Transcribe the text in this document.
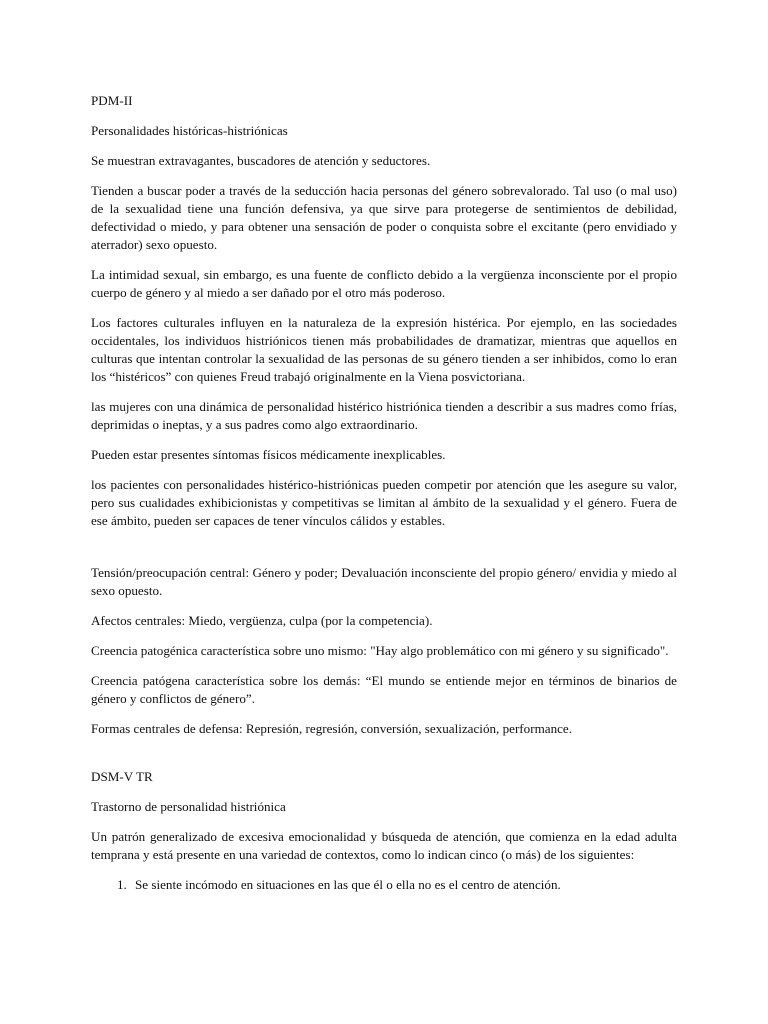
PDM-II

Personalidades históricas-histriónicas

Se muestran extravagantes, buscadores de atención y seductores.

Tienden a buscar poder a través de la seducción hacia personas del género sobrevalorado. Tal uso (o mal uso) de la sexualidad tiene una función defensiva, ya que sirve para protegerse de sentimientos de debilidad, defectividad o miedo, y para obtener una sensación de poder o conquista sobre el excitante (pero envidiado y aterrador) sexo opuesto.

La intimidad sexual, sin embargo, es una fuente de conflicto debido a la vergüenza inconsciente por el propio cuerpo de género y al miedo a ser dañado por el otro más poderoso.

Los factores culturales influyen en la naturaleza de la expresión histérica. Por ejemplo, en las sociedades occidentales, los individuos histriónicos tienen más probabilidades de dramatizar, mientras que aquellos en culturas que intentan controlar la sexualidad de las personas de su género tienden a ser inhibidos, como lo eran los “histéricos” con quienes Freud trabajó originalmente en la Viena posvictoriana.

las mujeres con una dinámica de personalidad histérico histriónica tienden a describir a sus madres como frías, deprimidas o ineptas, y a sus padres como algo extraordinario.

Pueden estar presentes síntomas físicos médicamente inexplicables.

los pacientes con personalidades histérico-histriónicas pueden competir por atención que les asegure su valor, pero sus cualidades exhibicionistas y competitivas se limitan al ámbito de la sexualidad y el género. Fuera de ese ámbito, pueden ser capaces de tener vínculos cálidos y estables.

Tensión/preocupación central: Género y poder; Devaluación inconsciente del propio género/ envidia y miedo al sexo opuesto.

Afectos centrales: Miedo, vergüenza, culpa (por la competencia).

Creencia patogénica característica sobre uno mismo: "Hay algo problemático con mi género y su significado".

Creencia patógena característica sobre los demás: “El mundo se entiende mejor en términos de binarios de género y conflictos de género”.

Formas centrales de defensa: Represión, regresión, conversión, sexualización, performance.

DSM-V TR

Trastorno de personalidad histriónica

Un patrón generalizado de excesiva emocionalidad y búsqueda de atención, que comienza en la edad adulta temprana y está presente en una variedad de contextos, como lo indican cinco (o más) de los siguientes:

1. Se siente incómodo en situaciones en las que él o ella no es el centro de atención.
